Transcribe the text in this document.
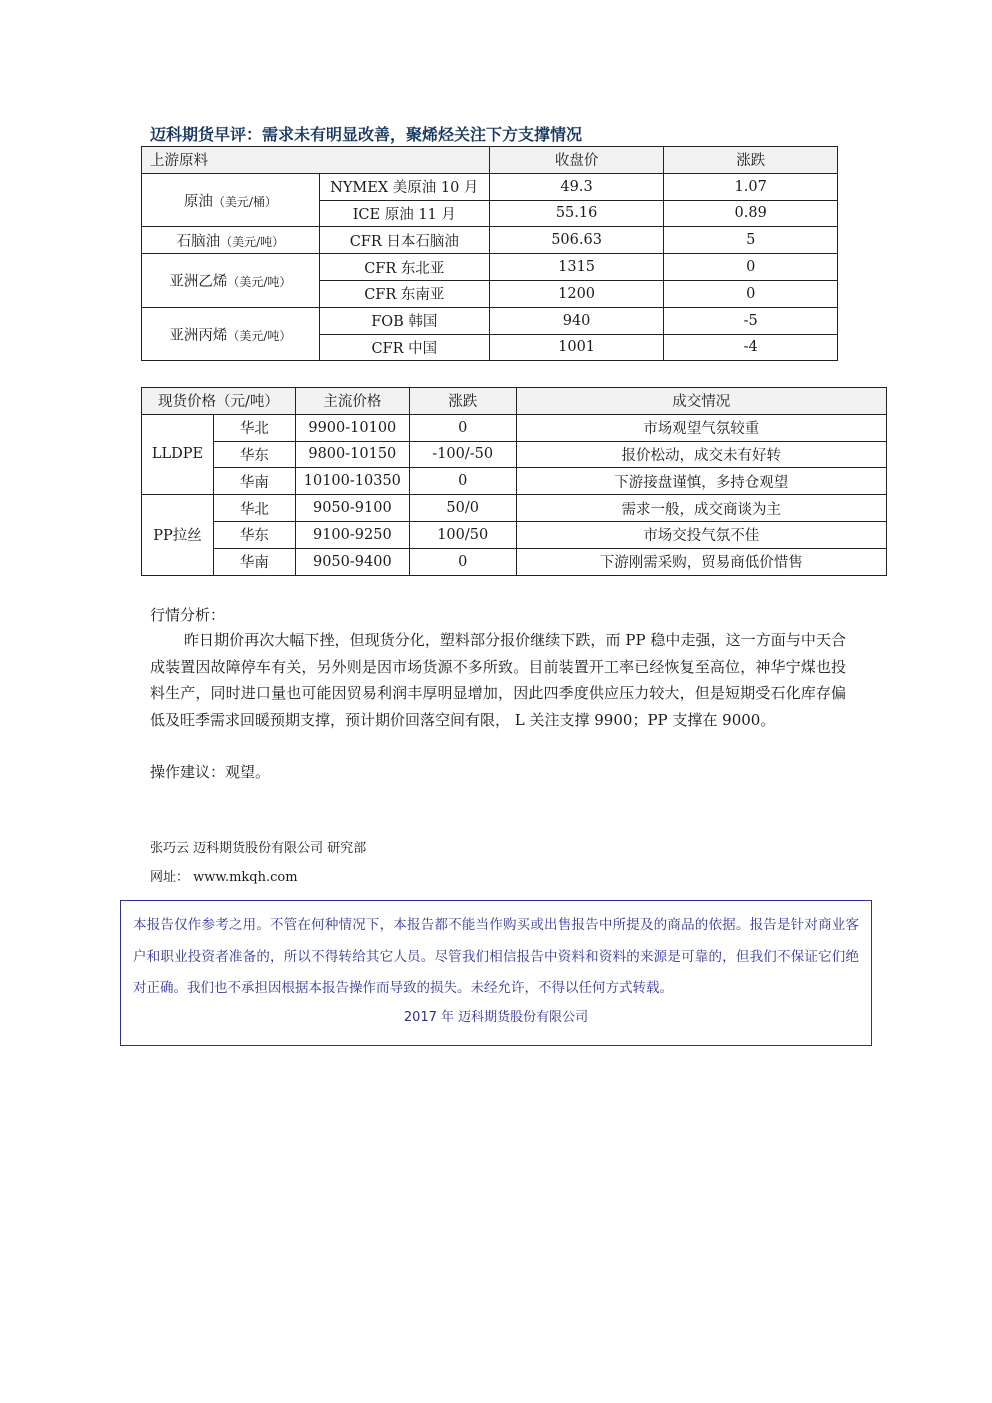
迈科期货早评：需求未有明显改善，聚烯烃关注下方支撑情况
上游原料		收盘价	涨跌
原油（美元/桶）	NYMEX 美原油 10 月	49.3	1.07
	ICE 原油 11 月	55.16	0.89
石脑油（美元/吨）	CFR 日本石脑油	506.63	5
亚洲乙烯（美元/吨）	CFR 东北亚	1315	0
	CFR 东南亚	1200	0
亚洲丙烯（美元/吨）	FOB 韩国	940	-5
	CFR 中国	1001	-4
现货价格（元/吨）		主流价格	涨跌	成交情况
LLDPE	华北	9900-10100	0	市场观望气氛较重
	华东	9800-10150	-100/-50	报价松动，成交未有好转
	华南	10100-10350	0	下游接盘谨慎，多持仓观望
PP拉丝	华北	9050-9100	50/0	需求一般，成交商谈为主
	华东	9100-9250	100/50	市场交投气氛不佳
	华南	9050-9400	0	下游刚需采购，贸易商低价惜售
行情分析：
昨日期价再次大幅下挫，但现货分化，塑料部分报价继续下跌，而 PP 稳中走强，这一方面与中天合成装置因故障停车有关，另外则是因市场货源不多所致。目前装置开工率已经恢复至高位，神华宁煤也投料生产，同时进口量也可能因贸易利润丰厚明显增加，因此四季度供应压力较大，但是短期受石化库存偏低及旺季需求回暖预期支撑，预计期价回落空间有限， L 关注支撑 9900；PP 支撑在 9000。
操作建议：观望。
张巧云 迈科期货股份有限公司 研究部
网址： www.mkqh.com
本报告仅作参考之用。不管在何种情况下，本报告都不能当作购买或出售报告中所提及的商品的依据。报告是针对商业客户和职业投资者准备的，所以不得转给其它人员。尽管我们相信报告中资料和资料的来源是可靠的，但我们不保证它们绝对正确。我们也不承担因根据本报告操作而导致的损失。未经允许，不得以任何方式转载。
2017 年 迈科期货股份有限公司
